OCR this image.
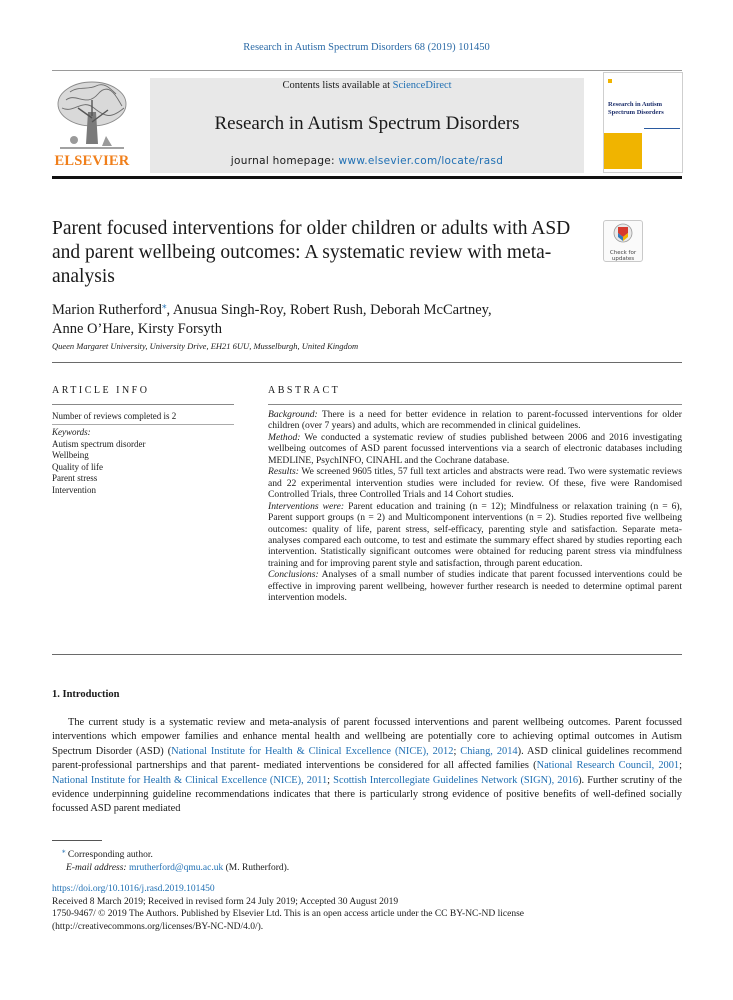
Research in Autism Spectrum Disorders 68 (2019) 101450
ELSEVIER
Contents lists available at ScienceDirect
Research in Autism Spectrum Disorders
journal homepage: www.elsevier.com/locate/rasd
Research in Autism Spectrum Disorders
Parent focused interventions for older children or adults with ASD and parent wellbeing outcomes: A systematic review with meta-analysis
Check for updates
Marion Rutherford⁎, Anusua Singh-Roy, Robert Rush, Deborah McCartney,
Anne O’Hare, Kirsty Forsyth
Queen Margaret University, University Drive, EH21 6UU, Musselburgh, United Kingdom
ARTICLE INFO	ABSTRACT
Number of reviews completed is 2
Keywords:
Autism spectrum disorder
Wellbeing
Quality of life
Parent stress
Intervention

Background: There is a need for better evidence in relation to parent-focussed interventions for older children (over 7 years) and adults, which are recommended in clinical guidelines.

Method: We conducted a systematic review of studies published between 2006 and 2016 investigating wellbeing outcomes of ASD parent focussed interventions via a search of electronic databases including MEDLINE, PsychINFO, CINAHL and the Cochrane database.

Results: We screened 9605 titles, 57 full text articles and abstracts were read. Two were systematic reviews and 22 experimental intervention studies were included for review. Of these, five were Randomised Controlled Trials, three Controlled Trials and 14 Cohort studies.

Interventions were: Parent education and training (n = 12); Mindfulness or relaxation training (n = 6), Parent support groups (n = 2) and Multicomponent interventions (n = 2). Studies reported five wellbeing outcomes: quality of life, parent stress, self-efficacy, parenting style and satisfaction. Separate meta-analyses compared each outcome, to test and estimate the summary effect shared by studies reporting each intervention. Statistically significant outcomes were obtained for reducing parent stress via mindfulness training and for improving parent style and satisfaction, through parent education.

Conclusions: Analyses of a small number of studies indicate that parent focussed interventions could be effective in improving parent wellbeing, however further research is needed to determine optimal parent intervention models.

1. Introduction
The current study is a systematic review and meta-analysis of parent focussed interventions and parent wellbeing outcomes. Parent focussed interventions which empower families and enhance mental health and wellbeing are potentially core to achieving optimal outcomes in Autism Spectrum Disorder (ASD) (National Institute for Health & Clinical Excellence (NICE), 2012; Chiang, 2014). ASD clinical guidelines recommend parent-professional partnerships and that parent- mediated interventions be considered for all affected families (National Research Council, 2001; National Institute for Health & Clinical Excellence (NICE), 2011; Scottish Intercollegiate Guidelines Network (SIGN), 2016). Further scrutiny of the evidence underpinning guideline recommendations indicates that there is particularly strong evidence of positive benefits of well-defined socially focussed ASD parent mediated
⁎ Corresponding author.
E-mail address: mrutherford@qmu.ac.uk (M. Rutherford).
https://doi.org/10.1016/j.rasd.2019.101450
Received 8 March 2019; Received in revised form 24 July 2019; Accepted 30 August 2019
1750-9467/ © 2019 The Authors. Published by Elsevier Ltd. This is an open access article under the CC BY-NC-ND license
(http://creativecommons.org/licenses/BY-NC-ND/4.0/).
